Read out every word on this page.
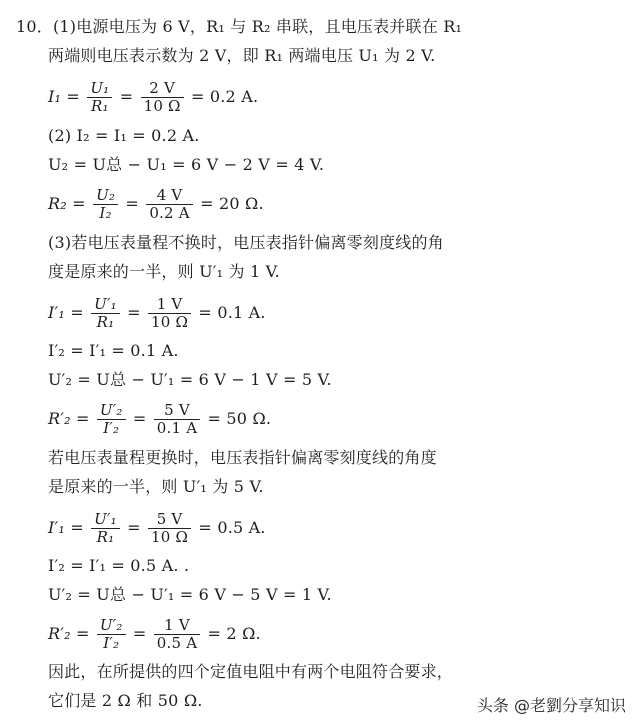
10．(1)电源电压为 6 V，R₁ 与 R₂ 串联，且电压表并联在 R₁
两端则电压表示数为 2 V，即 R₁ 两端电压 U₁ 为 2 V.
$I_1 = \frac{\text{U₁}}{\text{R₁}} = \frac{2 V}{10 \Omega} = 0.2$ A.
(2) I₂ = I₁ = 0.2 A.
U₂ = U总 − U₁ = 6 V − 2 V = 4 V.
$R_2 = \frac{\text{U₂}}{\text{I₂}} = \frac{4 V}{0.2 A} = 20$ Ω.
(3)若电压表量程不换时，电压表指针偏离零刻度线的角
度是原来的一半，则 U′₁ 为 1 V.
$I'_1 = \frac{\text{U′₁}}{\text{R₁}} = \frac{1 V}{10 \Omega} = 0.1$ A.
I′₂ = I′₁ = 0.1 A.
U′₂ = U总 − U′₁ = 6 V − 1 V = 5 V.
$R'_2 = \frac{\text{U′₂}}{\text{I′₂}} = \frac{5 V}{0.1 A} = 50$ Ω.
若电压表量程更换时，电压表指针偏离零刻度线的角度
是原来的一半，则 U′₁ 为 5 V.
$I'_1 = \frac{\text{U′₁}}{\text{R₁}} = \frac{5 V}{10 \Omega} = 0.5$ A.
I′₂ = I′₁ = 0.5 A. .
U′₂ = U总 − U′₁ = 6 V − 5 V = 1 V.
$R'_2 = \frac{\text{U′₂}}{\text{I′₂}} = \frac{1 V}{0.5 A} = 2$ Ω.
因此，在所提供的四个定值电阻中有两个电阻符合要求，
它们是 2 Ω 和 50 Ω.	头条 @老劉分享知识
